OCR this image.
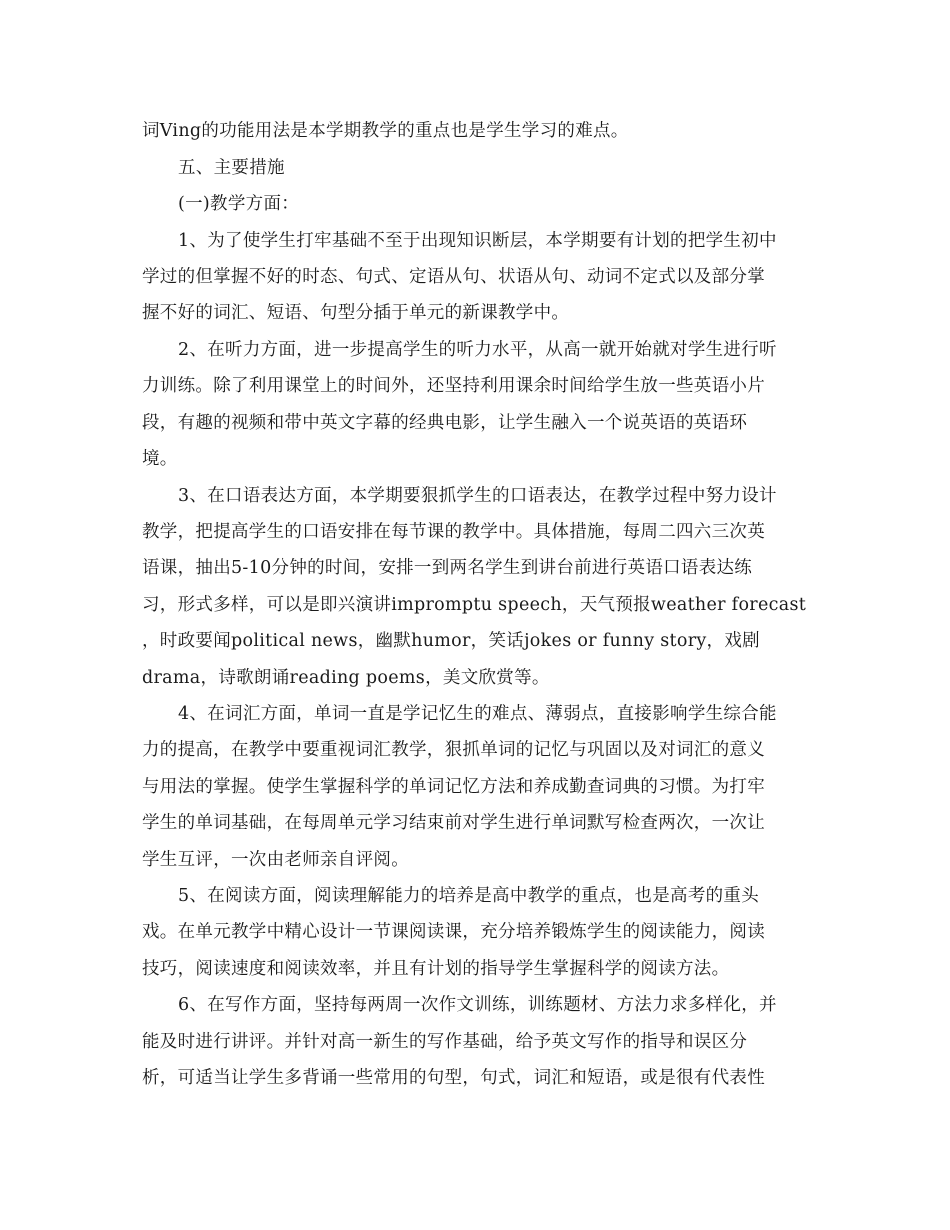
词Ving的功能用法是本学期教学的重点也是学生学习的难点。
五、主要措施
(一)教学方面：
1、为了使学生打牢基础不至于出现知识断层，本学期要有计划的把学生初中
学过的但掌握不好的时态、句式、定语从句、状语从句、动词不定式以及部分掌
握不好的词汇、短语、句型分插于单元的新课教学中。
2、在听力方面，进一步提高学生的听力水平，从高一就开始就对学生进行听
力训练。除了利用课堂上的时间外，还坚持利用课余时间给学生放一些英语小片
段，有趣的视频和带中英文字幕的经典电影，让学生融入一个说英语的英语环
境。
3、在口语表达方面，本学期要狠抓学生的口语表达，在教学过程中努力设计
教学，把提高学生的口语安排在每节课的教学中。具体措施，每周二四六三次英
语课，抽出5-10分钟的时间，安排一到两名学生到讲台前进行英语口语表达练
习，形式多样，可以是即兴演讲impromptu speech，天气预报weather forecast
，时政要闻political news，幽默humor，笑话jokes or funny story，戏剧
drama，诗歌朗诵reading poems，美文欣赏等。
4、在词汇方面，单词一直是学记忆生的难点、薄弱点，直接影响学生综合能
力的提高，在教学中要重视词汇教学，狠抓单词的记忆与巩固以及对词汇的意义
与用法的掌握。使学生掌握科学的单词记忆方法和养成勤查词典的习惯。为打牢
学生的单词基础，在每周单元学习结束前对学生进行单词默写检查两次，一次让
学生互评，一次由老师亲自评阅。
5、在阅读方面，阅读理解能力的培养是高中教学的重点，也是高考的重头
戏。在单元教学中精心设计一节课阅读课，充分培养锻炼学生的阅读能力，阅读
技巧，阅读速度和阅读效率，并且有计划的指导学生掌握科学的阅读方法。
6、在写作方面，坚持每两周一次作文训练，训练题材、方法力求多样化，并
能及时进行讲评。并针对高一新生的写作基础，给予英文写作的指导和误区分
析，可适当让学生多背诵一些常用的句型，句式，词汇和短语，或是很有代表性
